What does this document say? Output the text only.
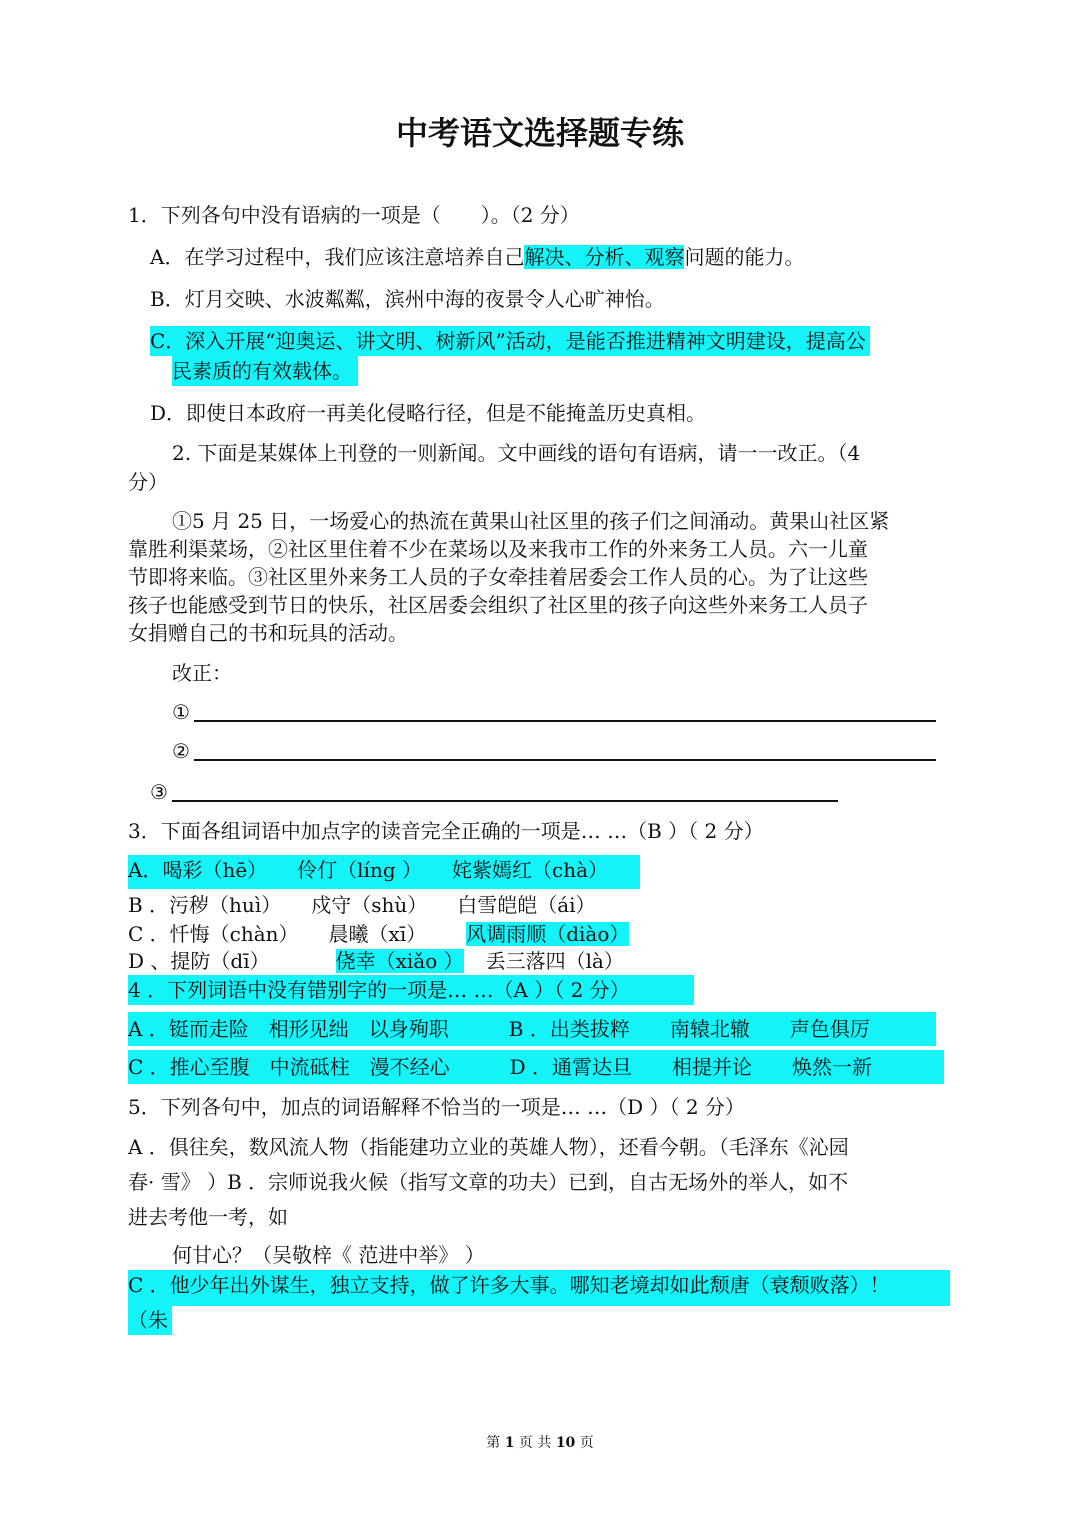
中考语文选择题专练
1．下列各句中没有语病的一项是（　　）。（2 分）
A．在学习过程中，我们应该注意培养自己解决、分析、观察问题的能力。
B．灯月交映、水波粼粼，滨州中海的夜景令人心旷神怡。
C．深入开展“迎奥运、讲文明、树新风”活动，是能否推进精神文明建设，提高公
民素质的有效载体。
D．即使日本政府一再美化侵略行径，但是不能掩盖历史真相。
2. 下面是某媒体上刊登的一则新闻。文中画线的语句有语病，请一一改正。（4
分）
①5 月 25 日，一场爱心的热流在黄果山社区里的孩子们之间涌动。黄果山社区紧
靠胜利渠菜场，②社区里住着不少在菜场以及来我市工作的外来务工人员。六一儿童
节即将来临。③社区里外来务工人员的子女牵挂着居委会工作人员的心。为了让这些
孩子也能感受到节日的快乐，社区居委会组织了社区里的孩子向这些外来务工人员子
女捐赠自己的书和玩具的活动。
改正：
①
②
③
3．下面各组词语中加点字的读音完全正确的一项是… …（B ）（ 2 分）
A．喝彩（hē）　　伶仃（líng ）　　姹紫嫣红（chà）
B ．污秽（huì）　　戍守（shù）　　白雪皑皑（ái）
C ．忏悔（chàn）　　晨曦（xī） 风调雨顺（diào）
D 、提防（dī）	侥幸（xiǎo ） 丢三落四（là）
4 ．下列词语中没有错别字的一项是… …（A ）（ 2 分）
A ．铤而走险　相形见绌　以身殉职　　　B ．出类拔粹　　南辕北辙　　声色俱厉
C ．推心至腹　中流砥柱　漫不经心　　　D ．通霄达旦　　相提并论　　焕然一新
5．下列各句中，加点的词语解释不恰当的一项是… …（D ）（ 2 分）
A ．俱往矣，数风流人物（指能建功立业的英雄人物），还看今朝。（毛泽东《沁园
春· 雪》 ）B ．宗师说我火候（指写文章的功夫）已到，自古无场外的举人，如不
进去考他一考，如
何甘心？（吴敬梓《 范进中举》 ）
C ．他少年出外谋生，独立支持，做了许多大事。哪知老境却如此颓唐（衰颓败落）！
（朱
第 1 页 共 10 页
